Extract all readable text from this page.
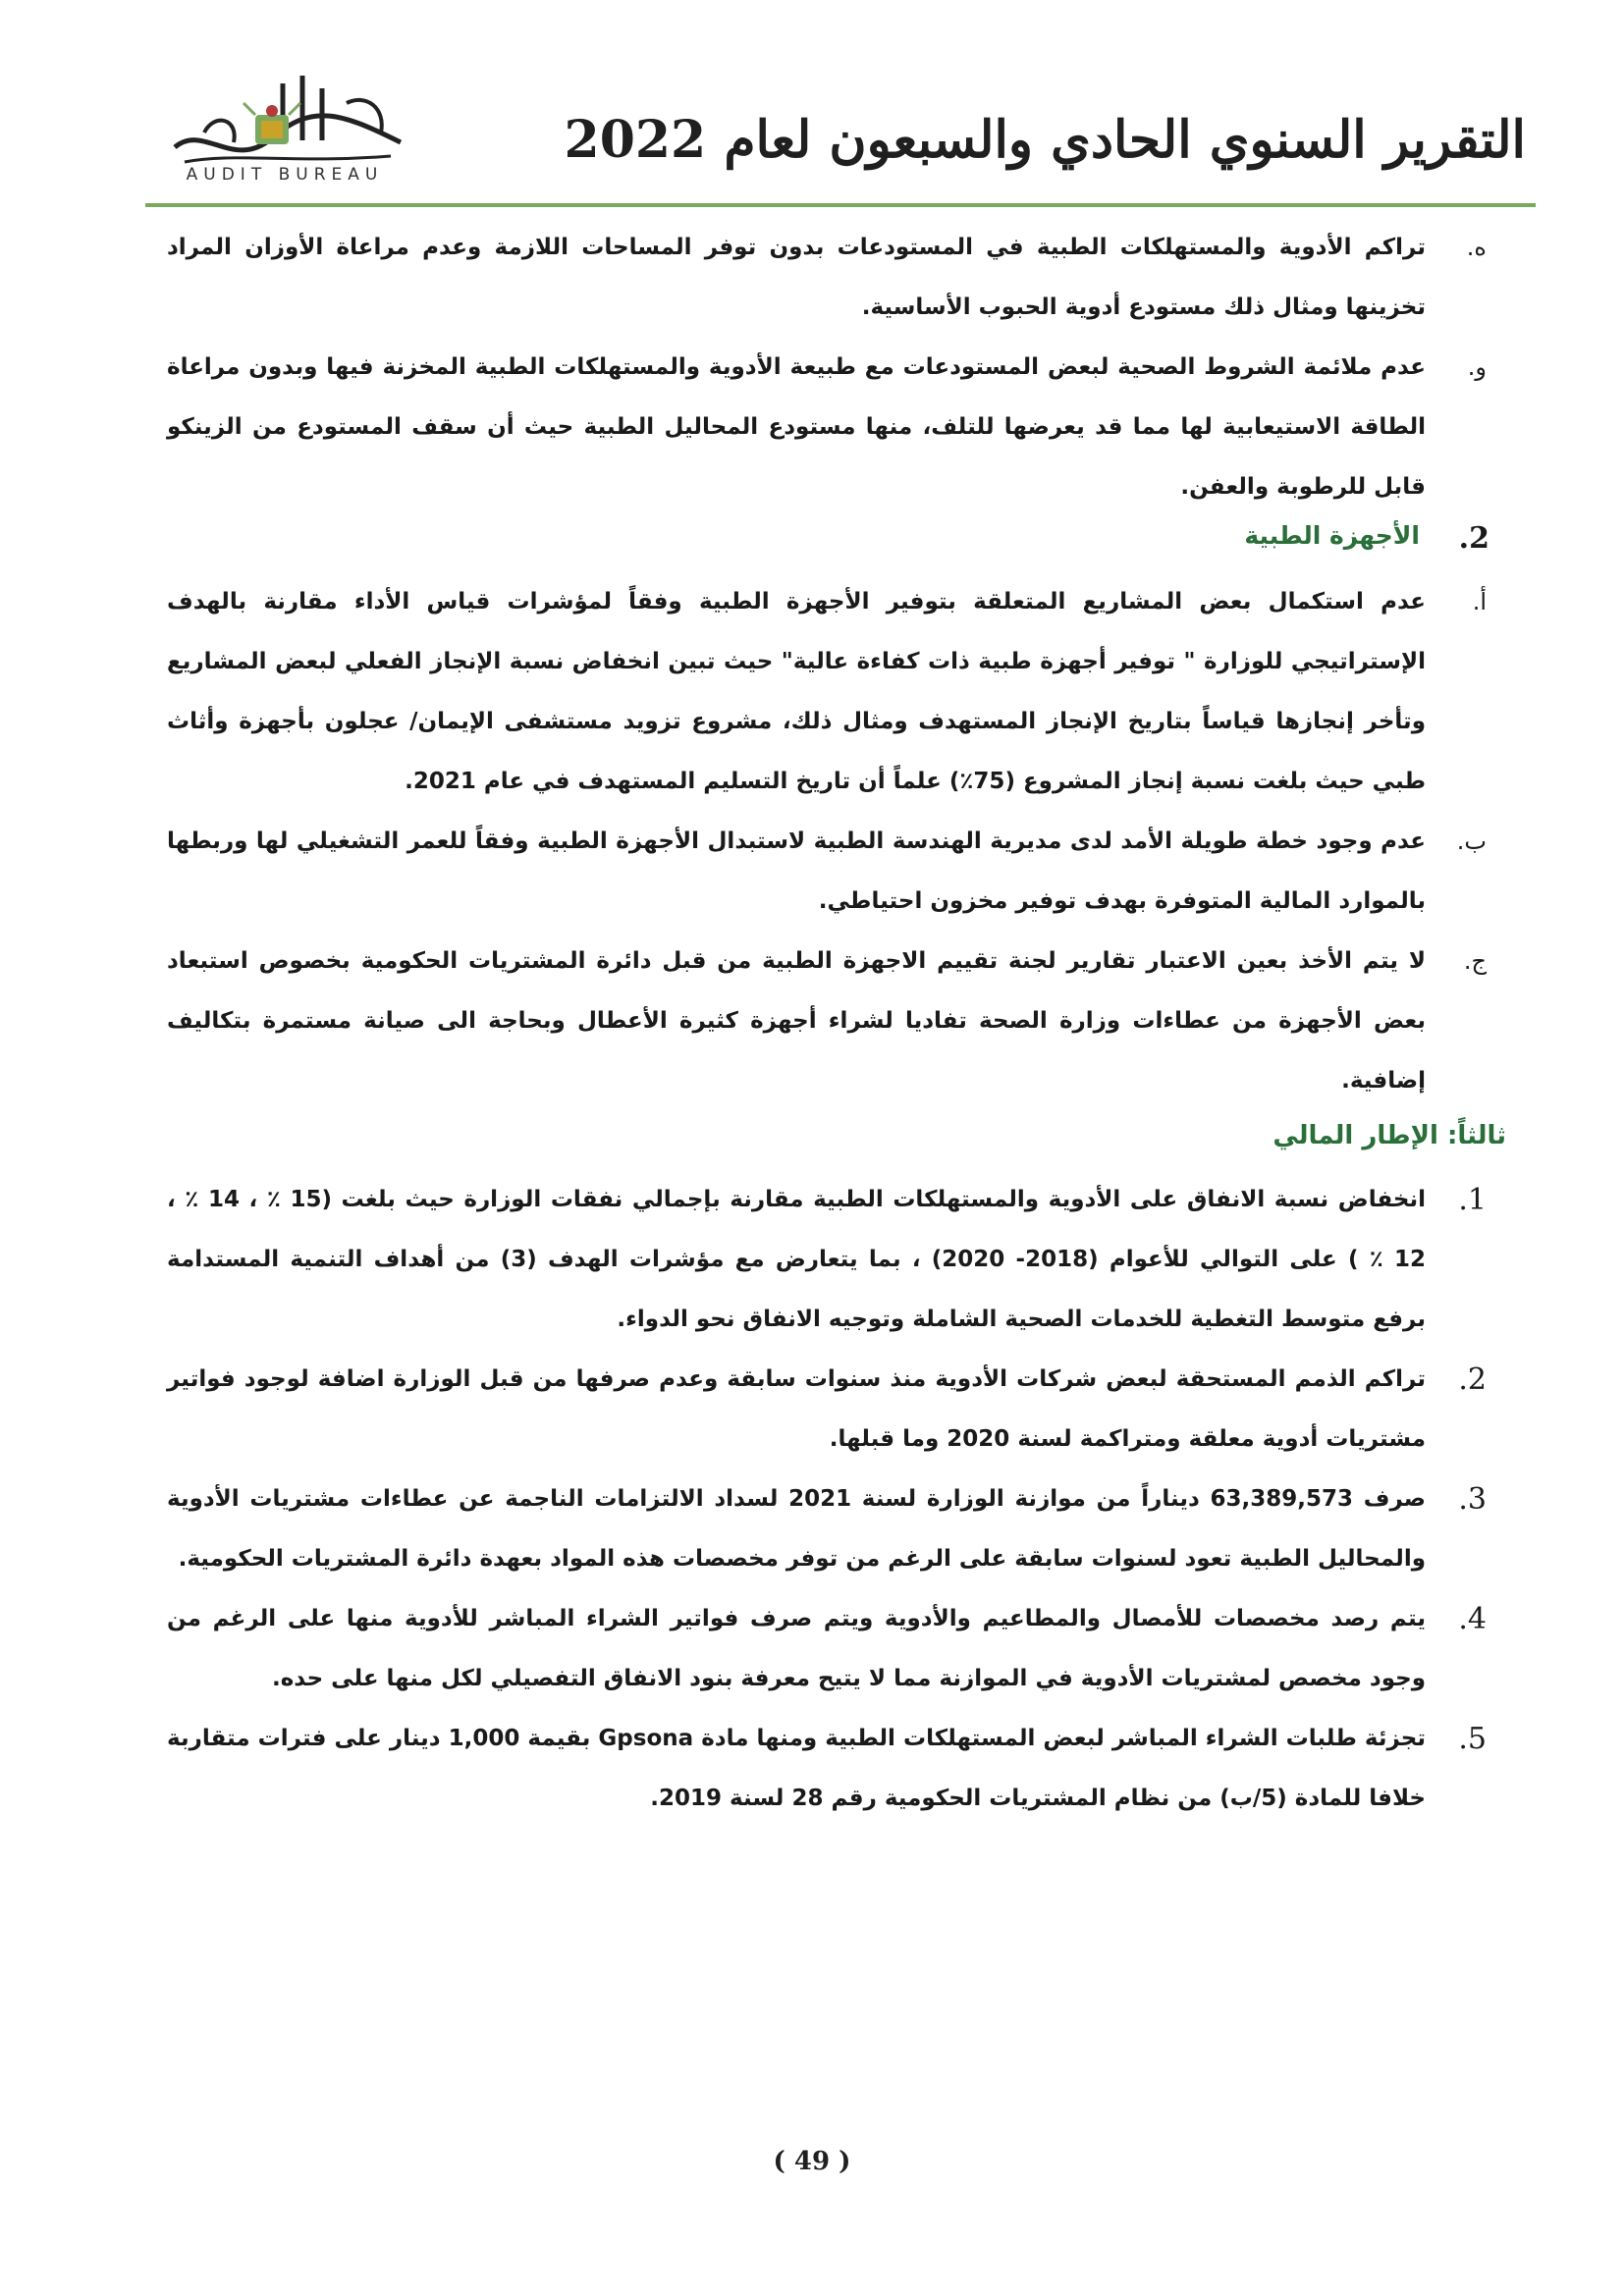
التقرير السنوي الحادي والسبعون لعام 2022
AUDIT BUREAU
ه.
تراكم الأدوية والمستهلكات الطبية في المستودعات بدون توفر المساحات اللازمة وعدم مراعاة الأوزان المراد تخزينها ومثال ذلك مستودع أدوية الحبوب الأساسية.
و.
عدم ملائمة الشروط الصحية لبعض المستودعات مع طبيعة الأدوية والمستهلكات الطبية المخزنة فيها وبدون مراعاة الطاقة الاستيعابية لها مما قد يعرضها للتلف، منها مستودع المحاليل الطبية حيث أن سقف المستودع من الزينكو قابل للرطوبة والعفن.
2.
الأجهزة الطبية
أ.
عدم استكمال بعض المشاريع المتعلقة بتوفير الأجهزة الطبية وفقاً لمؤشرات قياس الأداء مقارنة بالهدف الإستراتيجي للوزارة " توفير أجهزة طبية ذات كفاءة عالية" حيث تبين انخفاض نسبة الإنجاز الفعلي لبعض المشاريع وتأخر إنجازها قياساً بتاريخ الإنجاز المستهدف ومثال ذلك، مشروع تزويد مستشفى الإيمان/ عجلون بأجهزة وأثاث طبي حيث بلغت نسبة إنجاز المشروع (75٪) علماً أن تاريخ التسليم المستهدف في عام 2021.
ب.
عدم وجود خطة طويلة الأمد لدى مديرية الهندسة الطبية لاستبدال الأجهزة الطبية وفقاً للعمر التشغيلي لها وربطها بالموارد المالية المتوفرة بهدف توفير مخزون احتياطي.
ج.
لا يتم الأخذ بعين الاعتبار تقارير لجنة تقييم الاجهزة الطبية من قبل دائرة المشتريات الحكومية بخصوص استبعاد بعض الأجهزة من عطاءات وزارة الصحة تفاديا لشراء أجهزة كثيرة الأعطال وبحاجة الى صيانة مستمرة بتكاليف إضافية.
ثالثاً: الإطار المالي
1.
انخفاض نسبة الانفاق على الأدوية والمستهلكات الطبية مقارنة بإجمالي نفقات الوزارة حيث بلغت (15 ٪ ، 14 ٪ ، 12 ٪ ) على التوالي للأعوام (2018- 2020) ، بما يتعارض مع مؤشرات الهدف (3) من أهداف التنمية المستدامة برفع متوسط التغطية للخدمات الصحية الشاملة وتوجيه الانفاق نحو الدواء.
2.
تراكم الذمم المستحقة لبعض شركات الأدوية منذ سنوات سابقة وعدم صرفها من قبل الوزارة اضافة لوجود فواتير مشتريات أدوية معلقة ومتراكمة لسنة 2020 وما قبلها.
3.
صرف 63,389,573 ديناراً من موازنة الوزارة لسنة 2021 لسداد الالتزامات الناجمة عن عطاءات مشتريات الأدوية والمحاليل الطبية تعود لسنوات سابقة على الرغم من توفر مخصصات هذه المواد بعهدة دائرة المشتريات الحكومية.
4.
يتم رصد مخصصات للأمصال والمطاعيم والأدوية ويتم صرف فواتير الشراء المباشر للأدوية منها على الرغم من وجود مخصص لمشتريات الأدوية في الموازنة مما لا يتيح معرفة بنود الانفاق التفصيلي لكل منها على حده.
5.
تجزئة طلبات الشراء المباشر لبعض المستهلكات الطبية ومنها مادة Gpsona بقيمة 1,000 دينار على فترات متقاربة خلافا للمادة (5/ب) من نظام المشتريات الحكومية رقم 28 لسنة 2019.
( 49 )
